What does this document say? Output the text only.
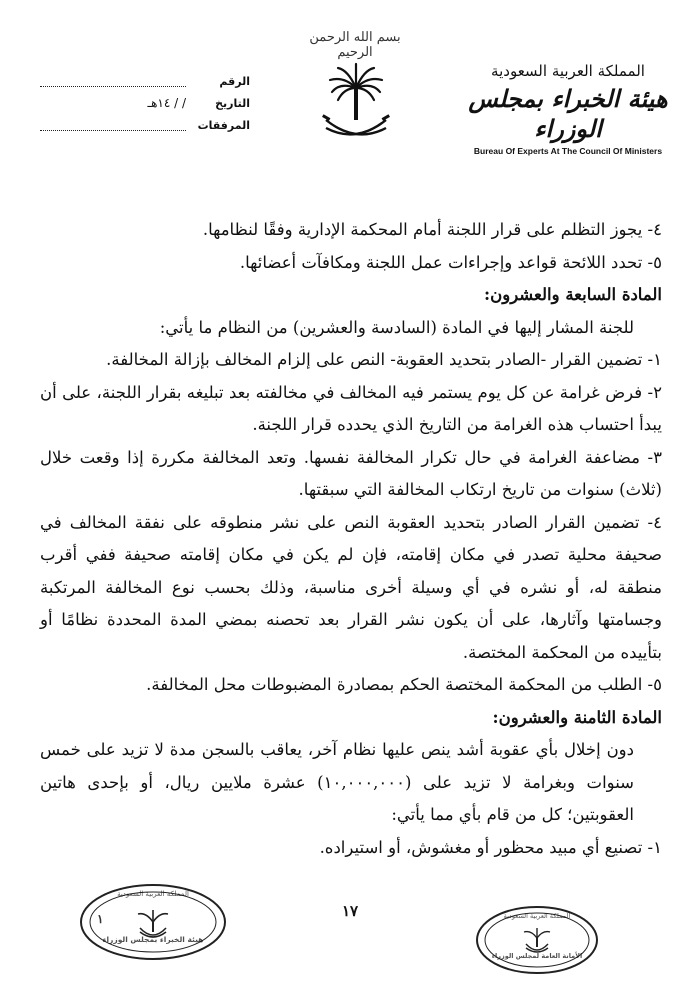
بسم الله الرحمن الرحيم
الرقم
التاريخ
/ / ١٤هـ
المرفقات
المملكة العربية السعودية
هيئة الخبراء بمجلس الوزراء
Bureau Of Experts At The Council Of Ministers

٤- يجوز التظلم على قرار اللجنة أمام المحكمة الإدارية وفقًا لنظامها.

٥- تحدد اللائحة قواعد وإجراءات عمل اللجنة ومكافآت أعضائها.

المادة السابعة والعشرون:

للجنة المشار إليها في المادة (السادسة والعشرين) من النظام ما يأتي:

١- تضمين القرار -الصادر بتحديد العقوبة- النص على إلزام المخالف بإزالة المخالفة.

٢- فرض غرامة عن كل يوم يستمر فيه المخالف في مخالفته بعد تبليغه بقرار اللجنة، على أن يبدأ احتساب هذه الغرامة من التاريخ الذي يحدده قرار اللجنة.

٣- مضاعفة الغرامة في حال تكرار المخالفة نفسها. وتعد المخالفة مكررة إذا وقعت خلال (ثلاث) سنوات من تاريخ ارتكاب المخالفة التي سبقتها.

٤- تضمين القرار الصادر بتحديد العقوبة النص على نشر منطوقه على نفقة المخالف في صحيفة محلية تصدر في مكان إقامته، فإن لم يكن في مكان إقامته صحيفة ففي أقرب منطقة له، أو نشره في أي وسيلة أخرى مناسبة، وذلك بحسب نوع المخالفة المرتكبة وجسامتها وآثارها، على أن يكون نشر القرار بعد تحصنه بمضي المدة المحددة نظامًا أو بتأييده من المحكمة المختصة.

٥- الطلب من المحكمة المختصة الحكم بمصادرة المضبوطات محل المخالفة.

المادة الثامنة والعشرون:

دون إخلال بأي عقوبة أشد ينص عليها نظام آخر، يعاقب بالسجن مدة لا تزيد على خمس سنوات وبغرامة لا تزيد على (١٠,٠٠٠,٠٠٠) عشرة ملايين ريال، أو بإحدى هاتين العقوبتين؛ كل من قام بأي مما يأتي:

١- تصنيع أي مبيد محظور أو مغشوش، أو استيراده.

١٧
١
المملكة العربية السعودية
هيئة الخبراء بمجلس الوزراء
المملكة العربية السعودية
الأمانة العامة لمجلس الوزراء
